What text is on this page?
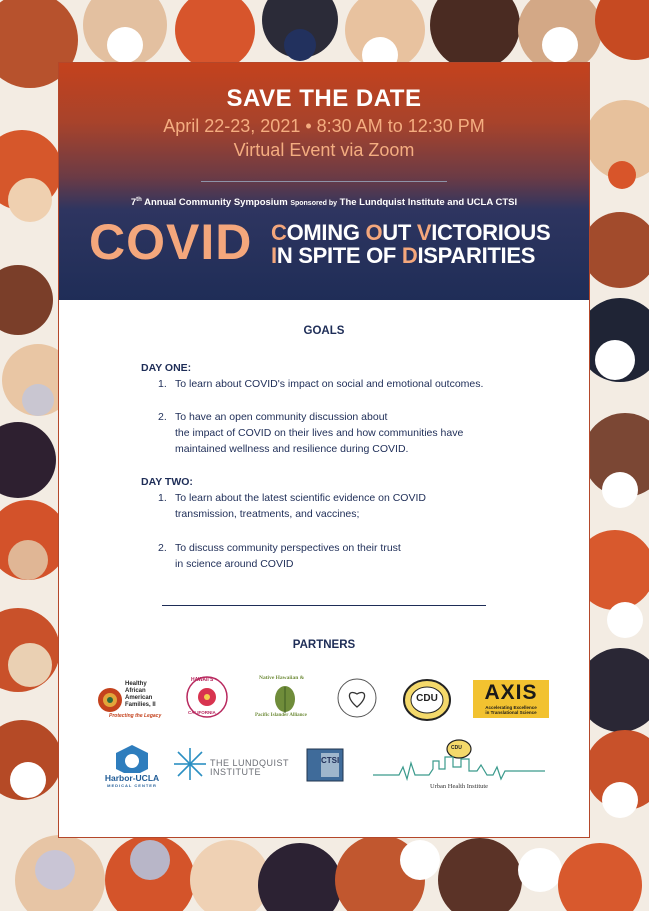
SAVE THE DATE
April 22-23, 2021 • 8:30 AM to 12:30 PM
Virtual Event via Zoom
7th Annual Community Symposium Sponsored by The Lundquist Institute and UCLA CTSI
COVID COMING OUT VICTORIOUS
IN SPITE OF DISPARITIES
GOALS
DAY ONE:
1. To learn about COVID's impact on social and emotional outcomes.
2. To have an open community discussion about
the impact of COVID on their lives and how communities have
maintained wellness and resilience during COVID.
DAY TWO:
1. To learn about the latest scientific evidence on COVID
transmission, treatments, and vaccines;
2. To discuss community perspectives on their trust
in science around COVID
PARTNERS
Healthy
African
American
Families, II
Protecting the Legacy
HAWAII'S
CALIFORNIA
Native Hawaiian &
Pacific Islander Alliance
CDU	AXIS
Accelerating Excellence
in Translational Science
Harbor-UCLA
MEDICAL CENTER
THE LUNDQUIST
INSTITUTE
CTSI
CDU
Urban Health Institute
